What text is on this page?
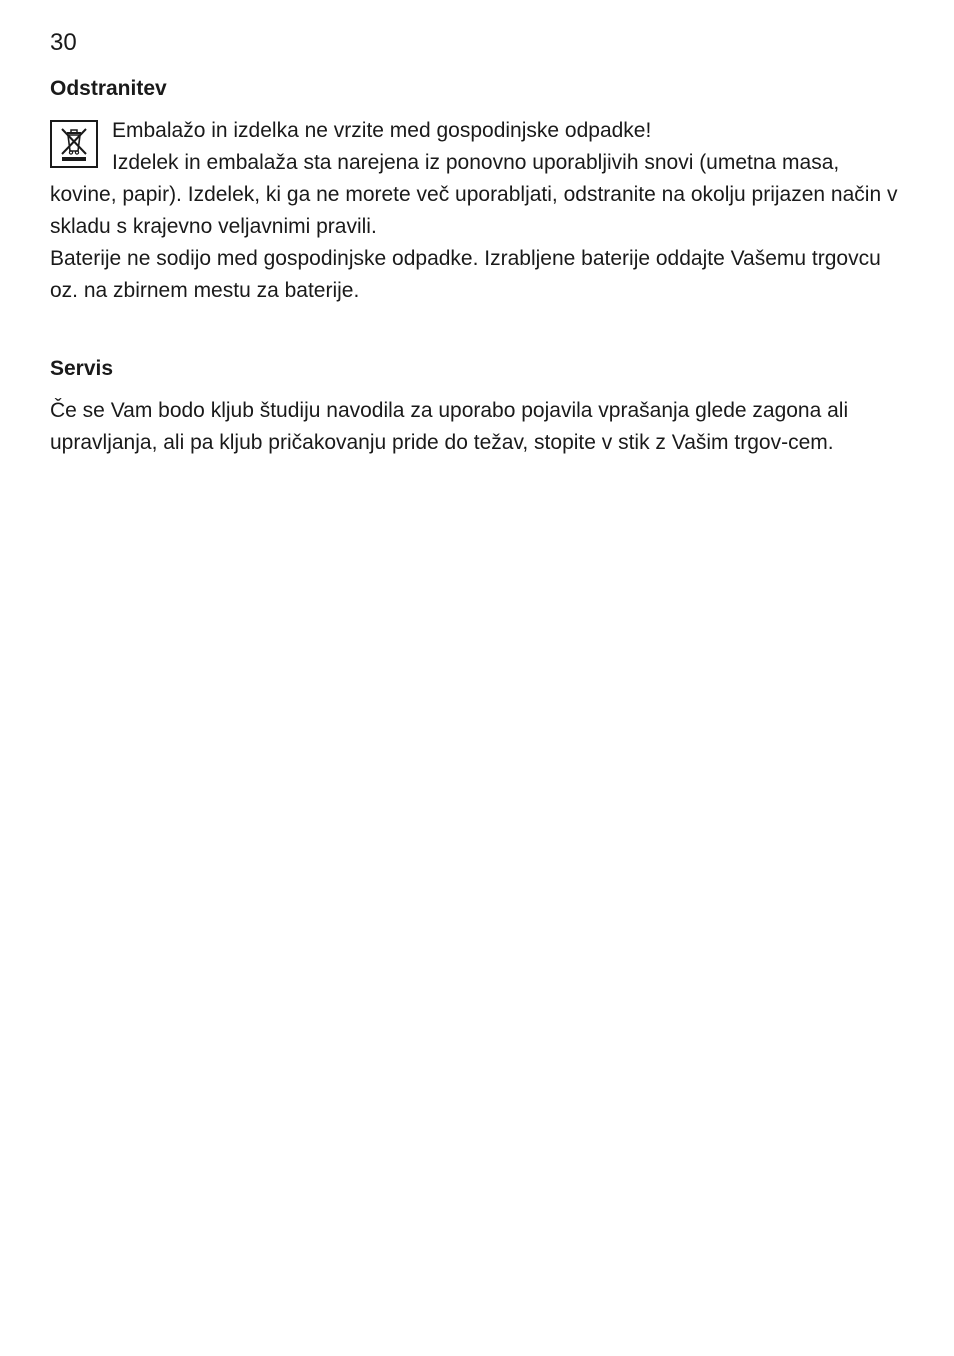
30
Odstranitev

Embalažo in izdelka ne vrzite med gospodinjske odpadke!
Izdelek in embalaža sta narejena iz ponovno uporabljivih snovi (umetna masa, kovine, papir). Izdelek, ki ga ne morete več uporabljati, odstranite na okolju prijazen način v skladu s krajevno veljavnimi pravili.

Baterije ne sodijo med gospodinjske odpadke. Izrabljene baterije oddajte Vašemu trgovcu oz. na zbirnem mestu za baterije.

Servis

Če se Vam bodo kljub študiju navodila za uporabo pojavila vprašanja glede zagona ali upravljanja, ali pa kljub pričakovanju pride do težav, stopite v stik z Vašim trgov-cem.
